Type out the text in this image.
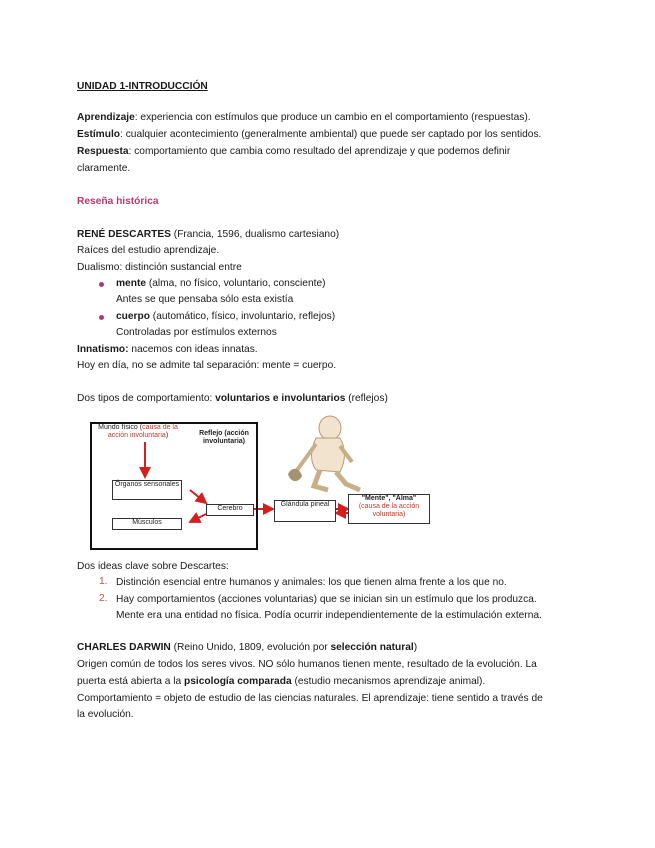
UNIDAD 1-INTRODUCCIÓN
Aprendizaje: experiencia con estímulos que produce un cambio en el comportamiento (respuestas).
Estímulo: cualquier acontecimiento (generalmente ambiental) que puede ser captado por los sentidos.
Respuesta: comportamiento que cambia como resultado del aprendizaje y que podemos definir
claramente.
Reseña histórica
RENÉ DESCARTES (Francia, 1596, dualismo cartesiano)
Raíces del estudio aprendizaje.
Dualismo: distinción sustancial entre
mente (alma, no físico, voluntario, consciente)
Antes se que pensaba sólo esta existía
cuerpo (automático, físico, involuntario, reflejos)
Controladas por estímulos externos
Innatismo: nacemos con ideas innatas.
Hoy en día, no se admite tal separación: mente = cuerpo.
Dos tipos de comportamiento: voluntarios e involuntarios (reflejos)
Mundo físico (causa de la acción involuntaria)	Reflejo (acción involuntaria)
Órganos sensoriales
Músculos
Cerebro
Glándula pineal
"Mente", "Alma"
(causa de la acción voluntaria)
Dos ideas clave sobre Descartes:
1. Distinción esencial entre humanos y animales: los que tienen alma frente a los que no.
2. Hay comportamientos (acciones voluntarias) que se inician sin un estímulo que los produzca.
Mente era una entidad no física. Podía ocurrir independientemente de la estimulación externa.
CHARLES DARWIN (Reino Unido, 1809, evolución por selección natural)
Origen común de todos los seres vivos. NO sólo humanos tienen mente, resultado de la evolución. La
puerta está abierta a la psicología comparada (estudio mecanismos aprendizaje animal).
Comportamiento = objeto de estudio de las ciencias naturales. El aprendizaje: tiene sentido a través de
la evolución.
